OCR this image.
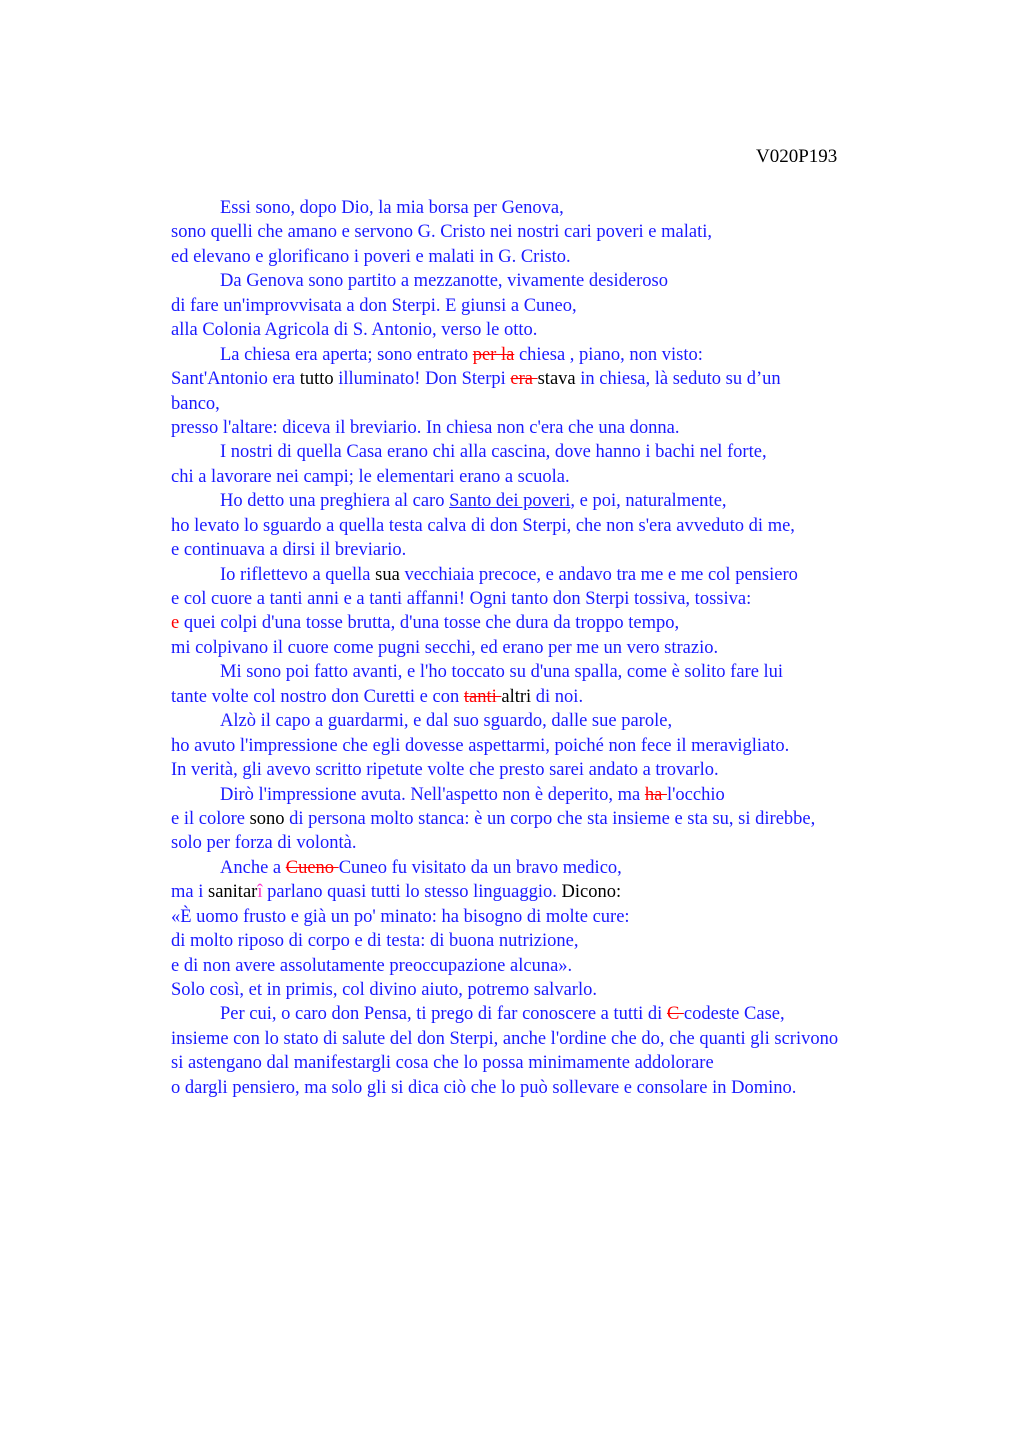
V020P193
Essi sono, dopo Dio, la mia borsa per Genova,
sono quelli che amano e servono G. Cristo nei nostri cari poveri e malati,
ed elevano e glorificano i poveri e malati in G. Cristo.
Da Genova sono partito a mezzanotte, vivamente desideroso
di fare un'improvvisata a don Sterpi. E giunsi a Cuneo,
alla Colonia Agricola di S. Antonio, verso le otto.
La chiesa era aperta; sono entrato per la chiesa , piano, non visto:
Sant'Antonio era tutto illuminato! Don Sterpi era stava in chiesa, là seduto su d’un
banco,
presso l'altare: diceva il breviario. In chiesa non c'era che una donna.
I nostri di quella Casa erano chi alla cascina, dove hanno i bachi nel forte,
chi a lavorare nei campi; le elementari erano a scuola.
Ho detto una preghiera al caro Santo dei poveri, e poi, naturalmente,
ho levato lo sguardo a quella testa calva di don Sterpi, che non s'era avveduto di me,
e continuava a dirsi il breviario.
Io riflettevo a quella sua vecchiaia precoce, e andavo tra me e me col pensiero
e col cuore a tanti anni e a tanti affanni! Ogni tanto don Sterpi tossiva, tossiva:
e quei colpi d'una tosse brutta, d'una tosse che dura da troppo tempo,
mi colpivano il cuore come pugni secchi, ed erano per me un vero strazio.
Mi sono poi fatto avanti, e l'ho toccato su d'una spalla, come è solito fare lui
tante volte col nostro don Curetti e con tanti altri di noi.
Alzò il capo a guardarmi, e dal suo sguardo, dalle sue parole,
ho avuto l'impressione che egli dovesse aspettarmi, poiché non fece il meravigliato.
In verità, gli avevo scritto ripetute volte che presto sarei andato a trovarlo.
Dirò l'impressione avuta. Nell'aspetto non è deperito, ma ha l'occhio
e il colore sono di persona molto stanca: è un corpo che sta insieme e sta su, si direbbe,
solo per forza di volontà.
Anche a Cueno Cuneo fu visitato da un bravo medico,
ma i sanitarî parlano quasi tutti lo stesso linguaggio. Dicono:
«È uomo frusto e già un po' minato: ha bisogno di molte cure:
di molto riposo di corpo e di testa: di buona nutrizione,
e di non avere assolutamente preoccupazione alcuna».
Solo così, et in primis, col divino aiuto, potremo salvarlo.
Per cui, o caro don Pensa, ti prego di far conoscere a tutti di C codeste Case,
insieme con lo stato di salute del don Sterpi, anche l'ordine che do, che quanti gli scrivono
si astengano dal manifestargli cosa che lo possa minimamente addolorare
o dargli pensiero, ma solo gli si dica ciò che lo può sollevare e consolare in Domino.
